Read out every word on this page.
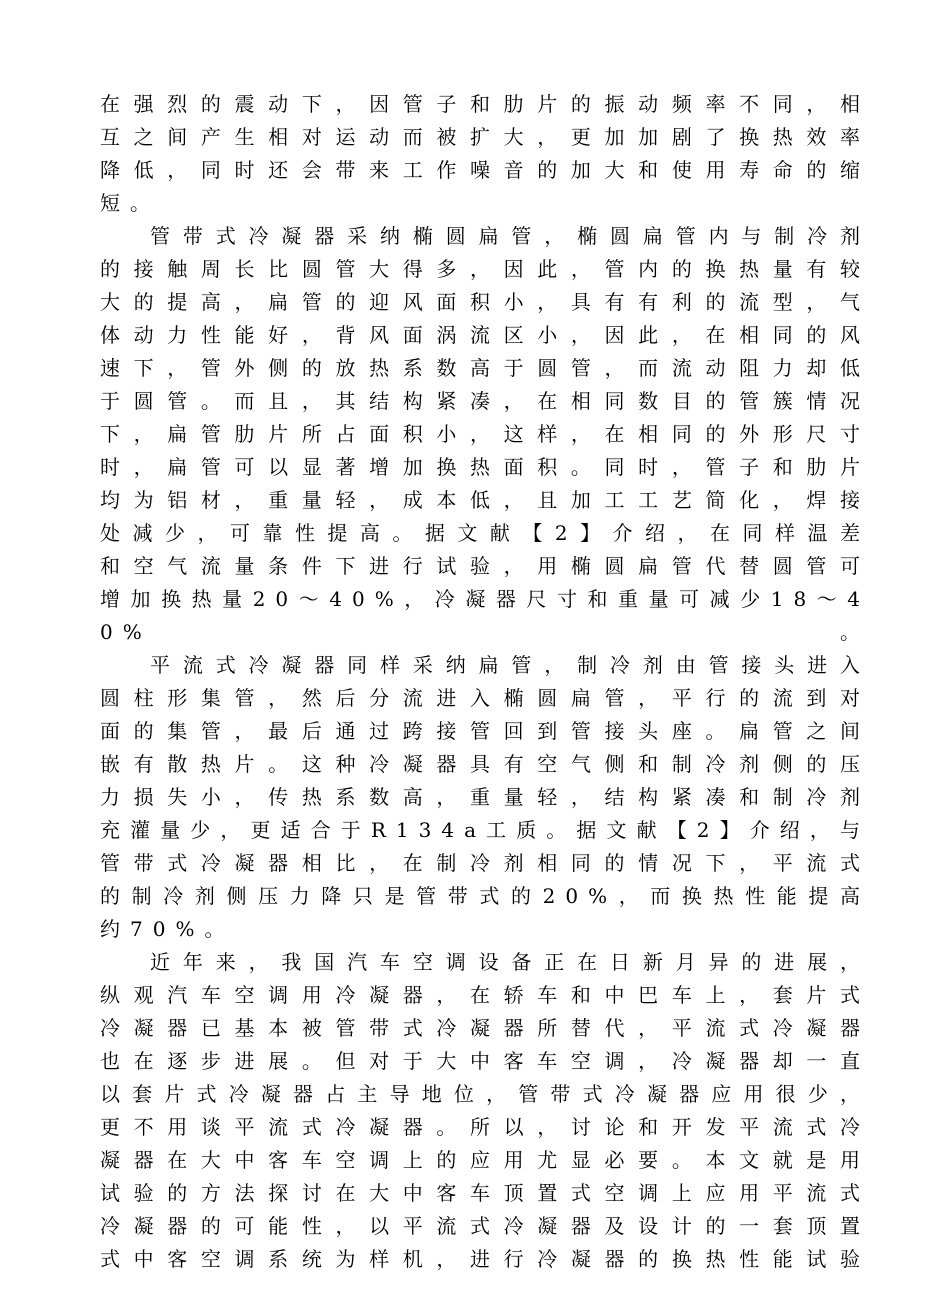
在强烈的震动下，因管子和肋片的振动频率不同，相

互之间产生相对运动而被扩大，更加加剧了换热效率

降低，同时还会带来工作噪音的加大和使用寿命的缩

短。

管带式冷凝器采纳椭圆扁管，椭圆扁管内与制冷剂

的接触周长比圆管大得多，因此，管内的换热量有较

大的提高，扁管的迎风面积小，具有有利的流型，气

体动力性能好，背风面涡流区小，因此，在相同的风

速下，管外侧的放热系数高于圆管，而流动阻力却低

于圆管。而且，其结构紧凑，在相同数目的管簇情况

下，扁管肋片所占面积小，这样，在相同的外形尺寸

时，扁管可以显著增加换热面积。同时，管子和肋片

均为铝材，重量轻，成本低，且加工工艺简化，焊接

处减少，可靠性提高。据文献【2】介绍，在同样温差

和空气流量条件下进行试验，用椭圆扁管代替圆管可

增加换热量20～40%，冷凝器尺寸和重量可减少18～40%。

平流式冷凝器同样采纳扁管，制冷剂由管接头进入

圆柱形集管，然后分流进入椭圆扁管，平行的流到对

面的集管，最后通过跨接管回到管接头座。扁管之间

嵌有散热片。这种冷凝器具有空气侧和制冷剂侧的压

力损失小，传热系数高，重量轻，结构紧凑和制冷剂

充灌量少，更适合于R134a工质。据文献【2】介绍，与

管带式冷凝器相比，在制冷剂相同的情况下，平流式

的制冷剂侧压力降只是管带式的20%，而换热性能提高

约70%。

近年来，我国汽车空调设备正在日新月异的进展，

纵观汽车空调用冷凝器，在轿车和中巴车上，套片式

冷凝器已基本被管带式冷凝器所替代，平流式冷凝器

也在逐步进展。但对于大中客车空调，冷凝器却一直

以套片式冷凝器占主导地位，管带式冷凝器应用很少，

更不用谈平流式冷凝器。所以，讨论和开发平流式冷

凝器在大中客车空调上的应用尤显必要。本文就是用

试验的方法探讨在大中客车顶置式空调上应用平流式

冷凝器的可能性，以平流式冷凝器及设计的一套顶置

式中客空调系统为样机，进行冷凝器的换热性能试验
